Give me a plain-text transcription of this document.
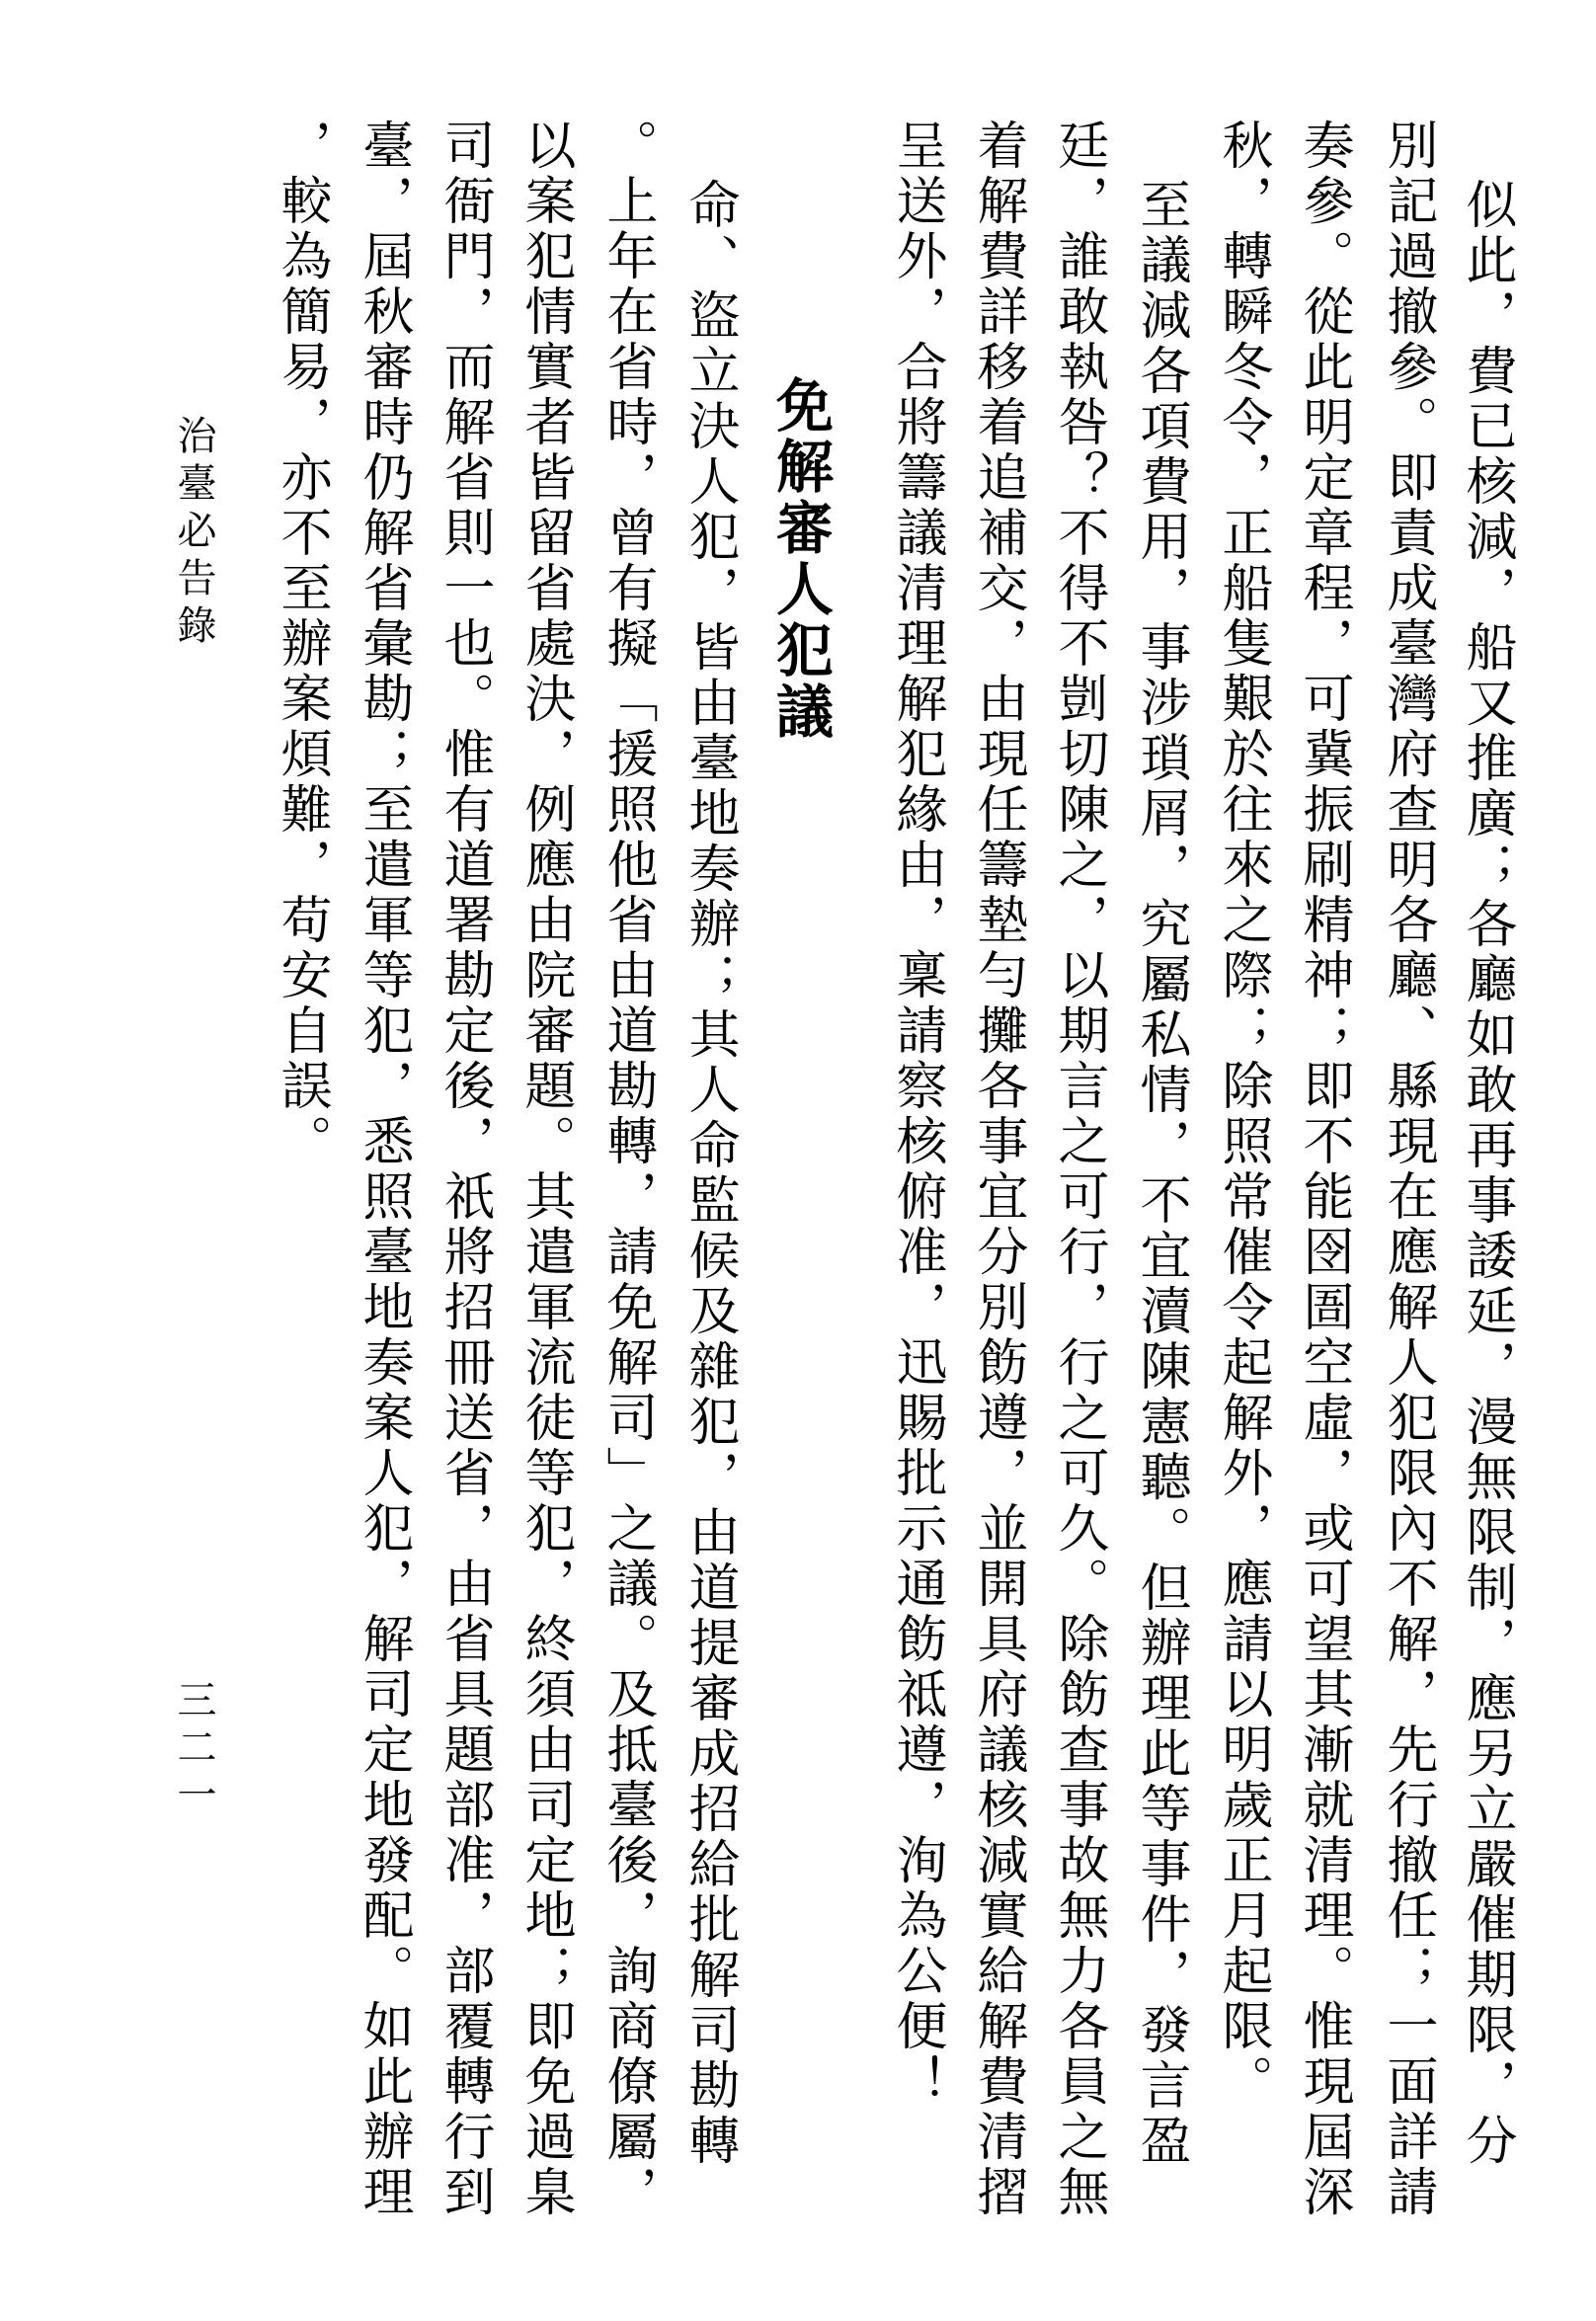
似此，費已核減，船又推廣；各廳如敢再事諉延，漫無限制，應另立嚴催期限，分
別記過撤參。即責成臺灣府查明各廳、縣現在應解人犯限內不解，先行撤任；一面詳請
奏參。從此明定章程，可冀振刷精神；即不能囹圄空虛，或可望其漸就清理。惟現屆深
秋，轉瞬冬令，正船隻艱於往來之際；除照常催令起解外，應請以明歲正月起限。
至議減各項費用，事涉瑣屑，究屬私情，不宜瀆陳憲聽。但辦理此等事件，發言盈
廷，誰敢執咎？不得不剴切陳之，以期言之可行，行之可久。除飭查事故無力各員之無
着解費詳移着追補交，由現任籌墊勻攤各事宜分別飭遵，並開具府議核減實給解費清摺
呈送外，合將籌議清理解犯緣由，稟請察核俯准，迅賜批示通飭祗遵，洵為公便！
免解審人犯議
命、盜立決人犯，皆由臺地奏辦；其人命監候及雜犯，由道提審成招給批解司勘轉
。上年在省時，曾有擬「援照他省由道勘轉，請免解司」之議。及抵臺後，詢商僚屬，
以案犯情實者皆留省處決，例應由院審題。其遣軍流徒等犯，終須由司定地；即免過臬
司衙門，而解省則一也。惟有道署勘定後，祇將招冊送省，由省具題部准，部覆轉行到
臺，屆秋審時仍解省彙勘；至遣軍等犯，悉照臺地奏案人犯，解司定地發配。如此辦理
，較為簡易，亦不至辦案煩難，苟安自誤。
治臺必告錄
三二一
